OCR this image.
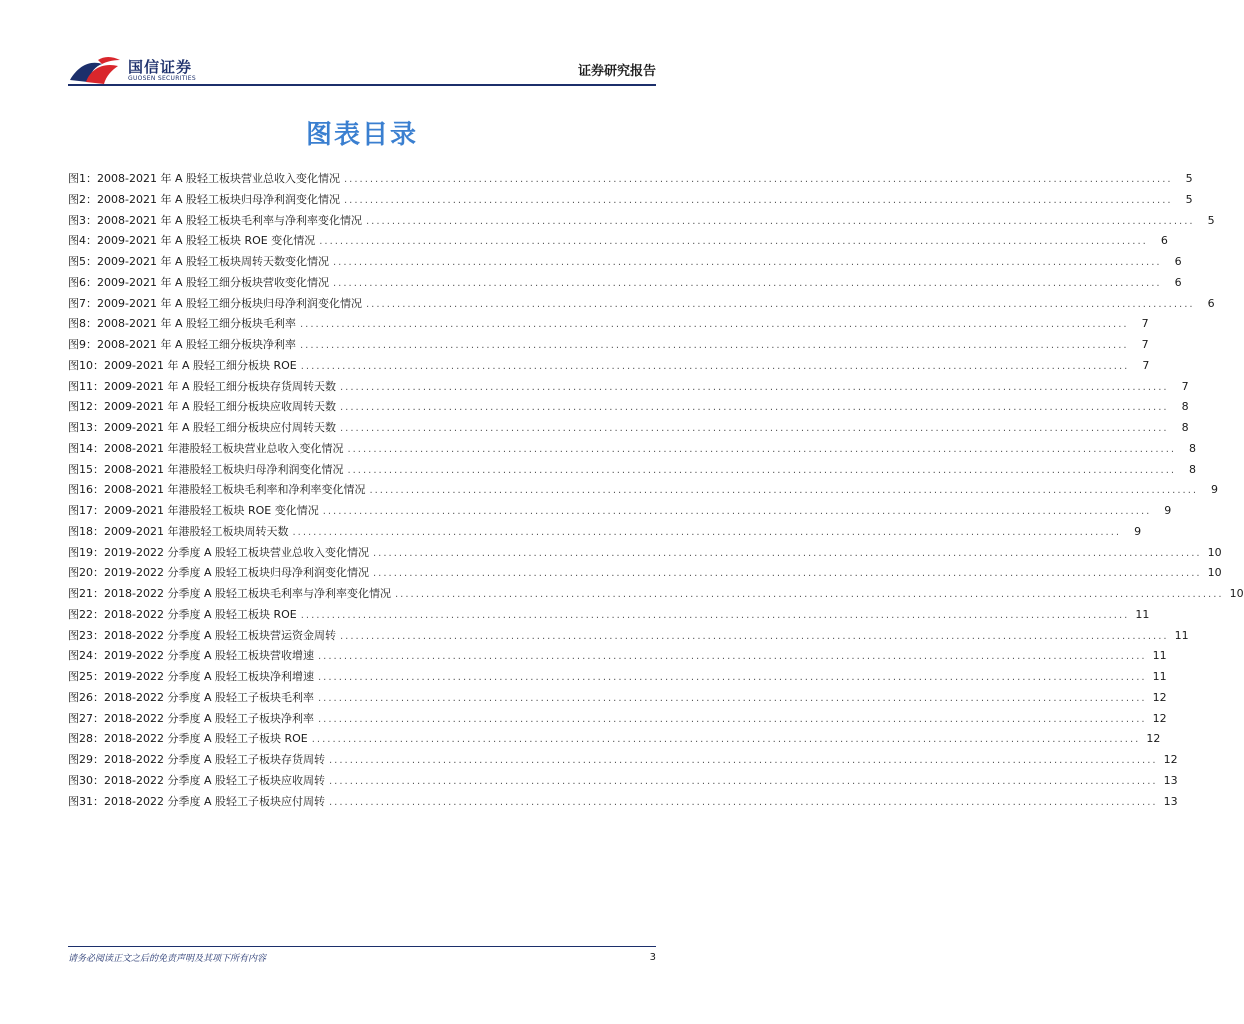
国信证券
GUOSEN SECURITIES	证券研究报告
图表目录
图1： 2008-2021 年 A 股轻工板块营业总收入变化情况 ................................................................................................................................................................	5
图2： 2008-2021 年 A 股轻工板块归母净利润变化情况 ................................................................................................................................................................	5
图3： 2008-2021 年 A 股轻工板块毛利率与净利率变化情况 ................................................................................................................................................................	5
图4： 2009-2021 年 A 股轻工板块 ROE 变化情况 ................................................................................................................................................................	6
图5： 2009-2021 年 A 股轻工板块周转天数变化情况 ................................................................................................................................................................	6
图6： 2009-2021 年 A 股轻工细分板块营收变化情况 ................................................................................................................................................................	6
图7： 2009-2021 年 A 股轻工细分板块归母净利润变化情况 ................................................................................................................................................................	6
图8： 2008-2021 年 A 股轻工细分板块毛利率 ................................................................................................................................................................	7
图9： 2008-2021 年 A 股轻工细分板块净利率 ................................................................................................................................................................	7
图10： 2009-2021 年 A 股轻工细分板块 ROE ................................................................................................................................................................	7
图11： 2009-2021 年 A 股轻工细分板块存货周转天数 ................................................................................................................................................................	7
图12： 2009-2021 年 A 股轻工细分板块应收周转天数 ................................................................................................................................................................	8
图13： 2009-2021 年 A 股轻工细分板块应付周转天数 ................................................................................................................................................................	8
图14： 2008-2021 年港股轻工板块营业总收入变化情况 ................................................................................................................................................................	8
图15： 2008-2021 年港股轻工板块归母净利润变化情况 ................................................................................................................................................................	8
图16： 2008-2021 年港股轻工板块毛利率和净利率变化情况 ................................................................................................................................................................	9
图17： 2009-2021 年港股轻工板块 ROE 变化情况 ................................................................................................................................................................	9
图18： 2009-2021 年港股轻工板块周转天数 ................................................................................................................................................................	9
图19： 2019-2022 分季度 A 股轻工板块营业总收入变化情况 ................................................................................................................................................................ 10
图20： 2019-2022 分季度 A 股轻工板块归母净利润变化情况 ................................................................................................................................................................ 10
图21： 2018-2022 分季度 A 股轻工板块毛利率与净利率变化情况 ................................................................................................................................................................ 10
图22： 2018-2022 分季度 A 股轻工板块 ROE ................................................................................................................................................................ 11
图23： 2018-2022 分季度 A 股轻工板块营运资金周转 ................................................................................................................................................................ 11
图24： 2019-2022 分季度 A 股轻工板块营收增速 ................................................................................................................................................................ 11
图25： 2019-2022 分季度 A 股轻工板块净利增速 ................................................................................................................................................................ 11
图26： 2018-2022 分季度 A 股轻工子板块毛利率 ................................................................................................................................................................ 12
图27： 2018-2022 分季度 A 股轻工子板块净利率 ................................................................................................................................................................ 12
图28： 2018-2022 分季度 A 股轻工子板块 ROE ................................................................................................................................................................ 12
图29： 2018-2022 分季度 A 股轻工子板块存货周转 ................................................................................................................................................................ 12
图30： 2018-2022 分季度 A 股轻工子板块应收周转 ................................................................................................................................................................ 13
图31： 2018-2022 分季度 A 股轻工子板块应付周转 ................................................................................................................................................................ 13
请务必阅读正文之后的免责声明及其项下所有内容	3
